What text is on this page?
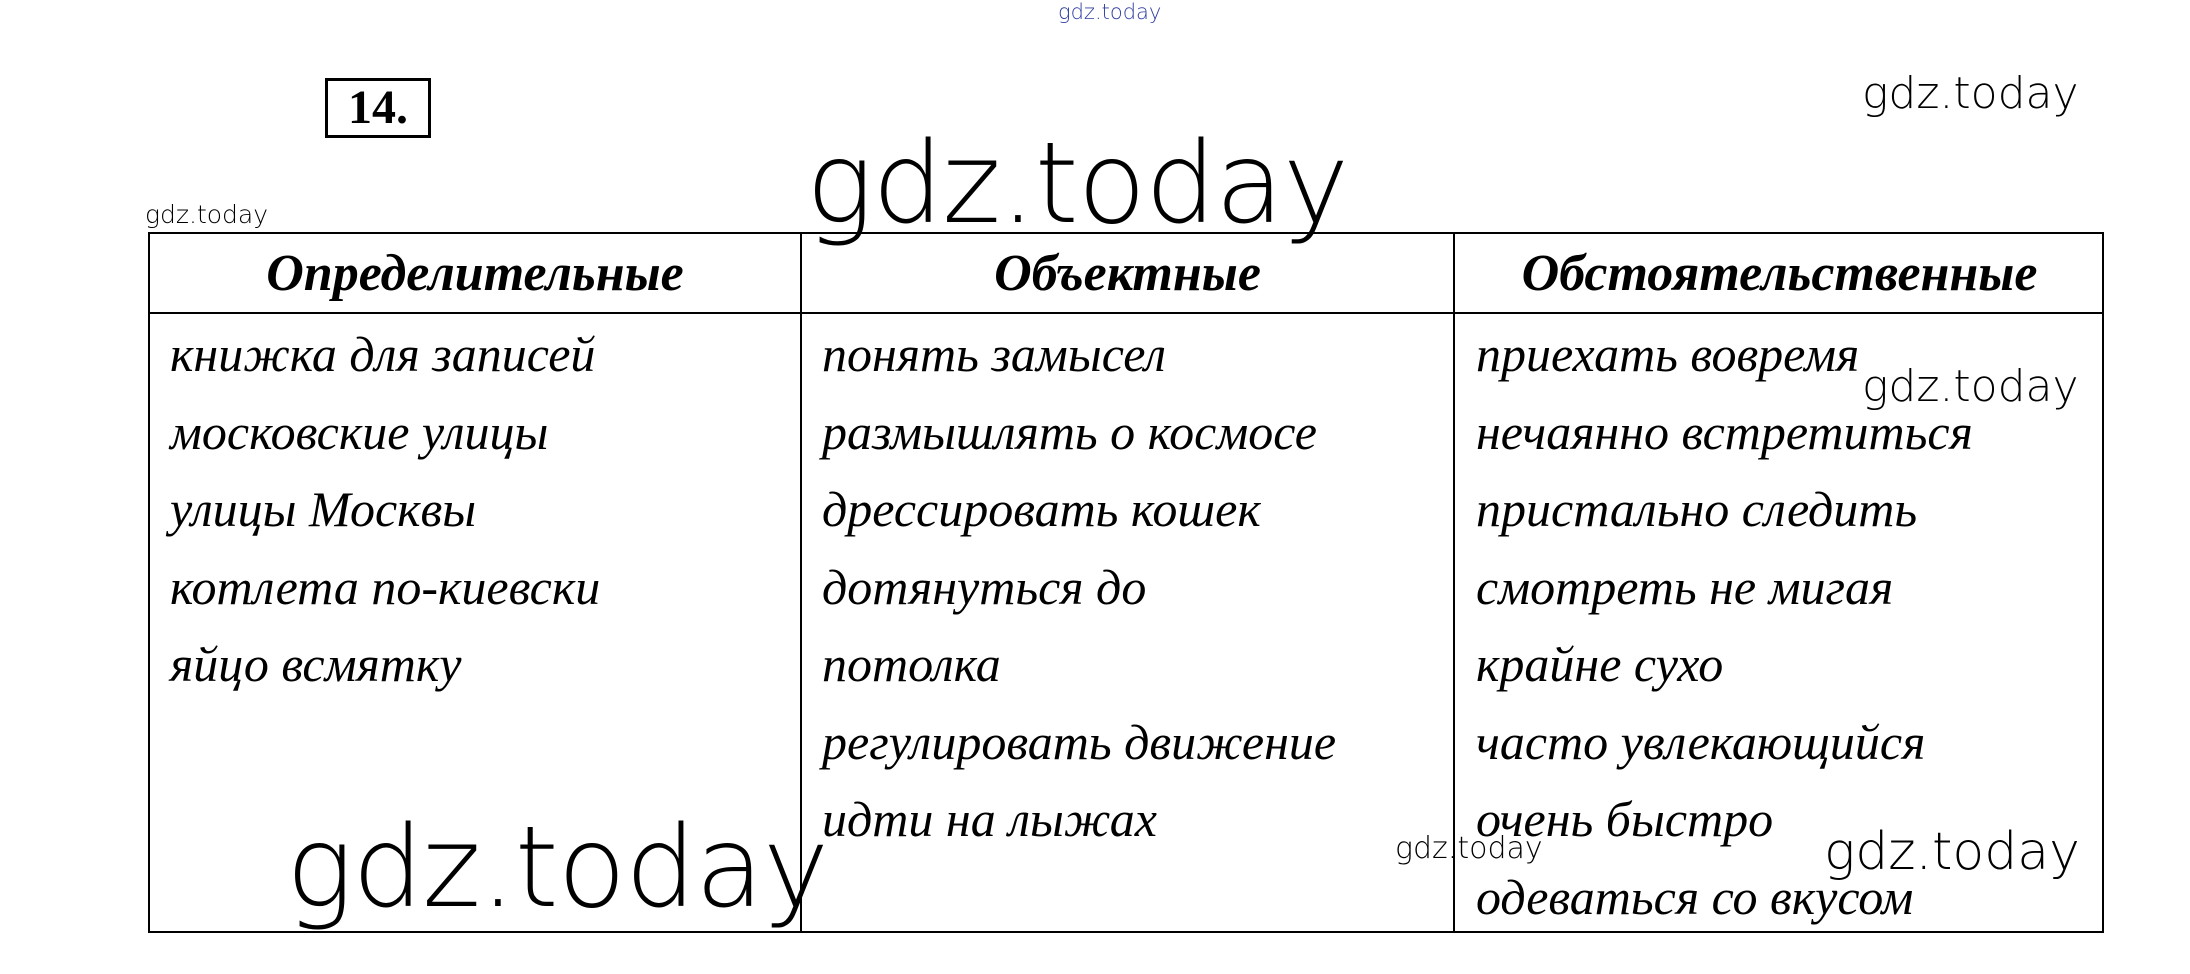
gdz.today
gdz.today
gdz.today
gdz.today
gdz.today
gdz.today
gdz.today
gdz.today
14.
Определительные	Объектные	Обстоятельственные
книжка для записей
московские улицы
улицы Москвы
котлета по-киевски
яйцо всмятку
понять замысел
размышлять о космосе
дрессировать кошек
дотянуться до
потолка
регулировать движение
идти на лыжах
приехать вовремя
нечаянно встретиться
пристально следить
смотреть не мигая
крайне сухо
часто увлекающийся
очень быстро
одеваться со вкусом
